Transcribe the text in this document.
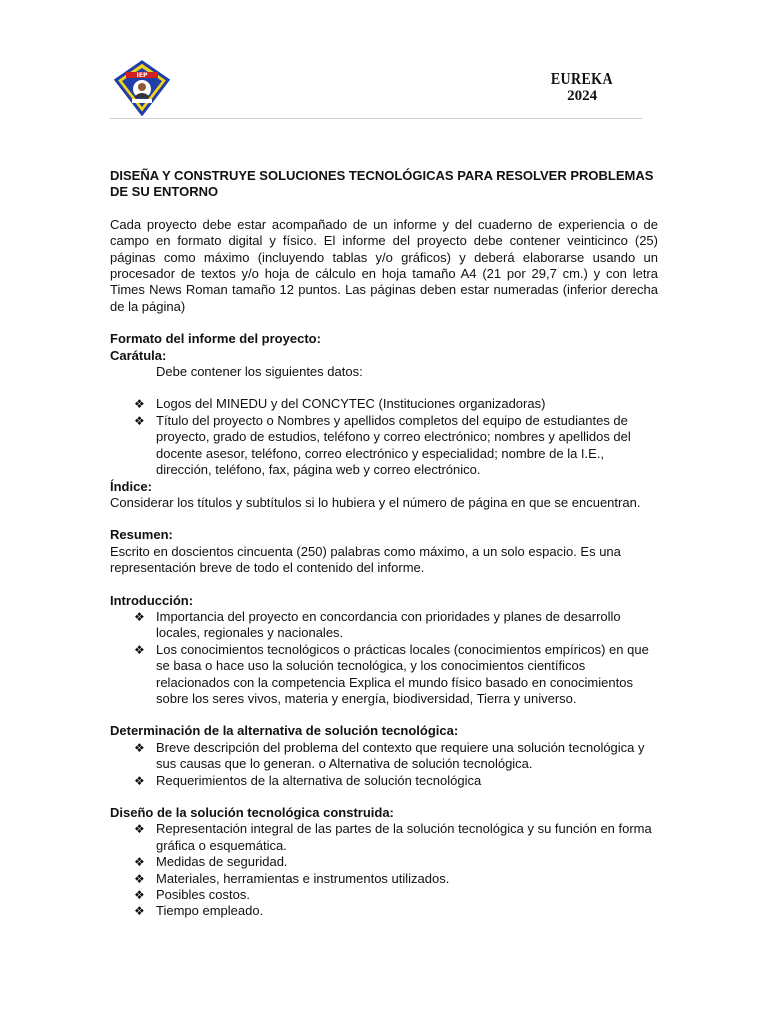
IEP	EUREKA
2024

DISEÑA Y CONSTRUYE SOLUCIONES TECNOLÓGICAS PARA RESOLVER PROBLEMAS DE SU ENTORNO

Cada proyecto debe estar acompañado de un informe y del cuaderno de experiencia o de campo en formato digital y físico. El informe del proyecto debe contener veinticinco (25) páginas como máximo (incluyendo tablas y/o gráficos) y deberá elaborarse usando un procesador de textos y/o hoja de cálculo en hoja tamaño A4 (21 por 29,7 cm.) y con letra Times News Roman tamaño 12 puntos. Las páginas deben estar numeradas (inferior derecha de la página)

Formato del informe del proyecto:
Carátula:

Debe contener los siguientes datos:

❖ Logos del MINEDU y del CONCYTEC (Instituciones organizadoras)
❖ Título del proyecto o Nombres y apellidos completos del equipo de estudiantes de proyecto, grado de estudios, teléfono y correo electrónico; nombres y apellidos del docente asesor, teléfono, correo electrónico y especialidad; nombre de la I.E., dirección, teléfono, fax, página web y correo electrónico.
Índice:

Considerar los títulos y subtítulos si lo hubiera y el número de página en que se encuentran.

Resumen:

Escrito en doscientos cincuenta (250) palabras como máximo, a un solo espacio. Es una representación breve de todo el contenido del informe.

Introducción:
❖ Importancia del proyecto en concordancia con prioridades y planes de desarrollo locales, regionales y nacionales.
❖ Los conocimientos tecnológicos o prácticas locales (conocimientos empíricos) en que se basa o hace uso la solución tecnológica, y los conocimientos científicos relacionados con la competencia Explica el mundo físico basado en conocimientos sobre los seres vivos, materia y energía, biodiversidad, Tierra y universo.
Determinación de la alternativa de solución tecnológica:
❖ Breve descripción del problema del contexto que requiere una solución tecnológica y sus causas que lo generan. o Alternativa de solución tecnológica.
❖ Requerimientos de la alternativa de solución tecnológica
Diseño de la solución tecnológica construida:
❖ Representación integral de las partes de la solución tecnológica y su función en forma gráfica o esquemática.
❖ Medidas de seguridad.
❖ Materiales, herramientas e instrumentos utilizados.
❖ Posibles costos.
❖ Tiempo empleado.
